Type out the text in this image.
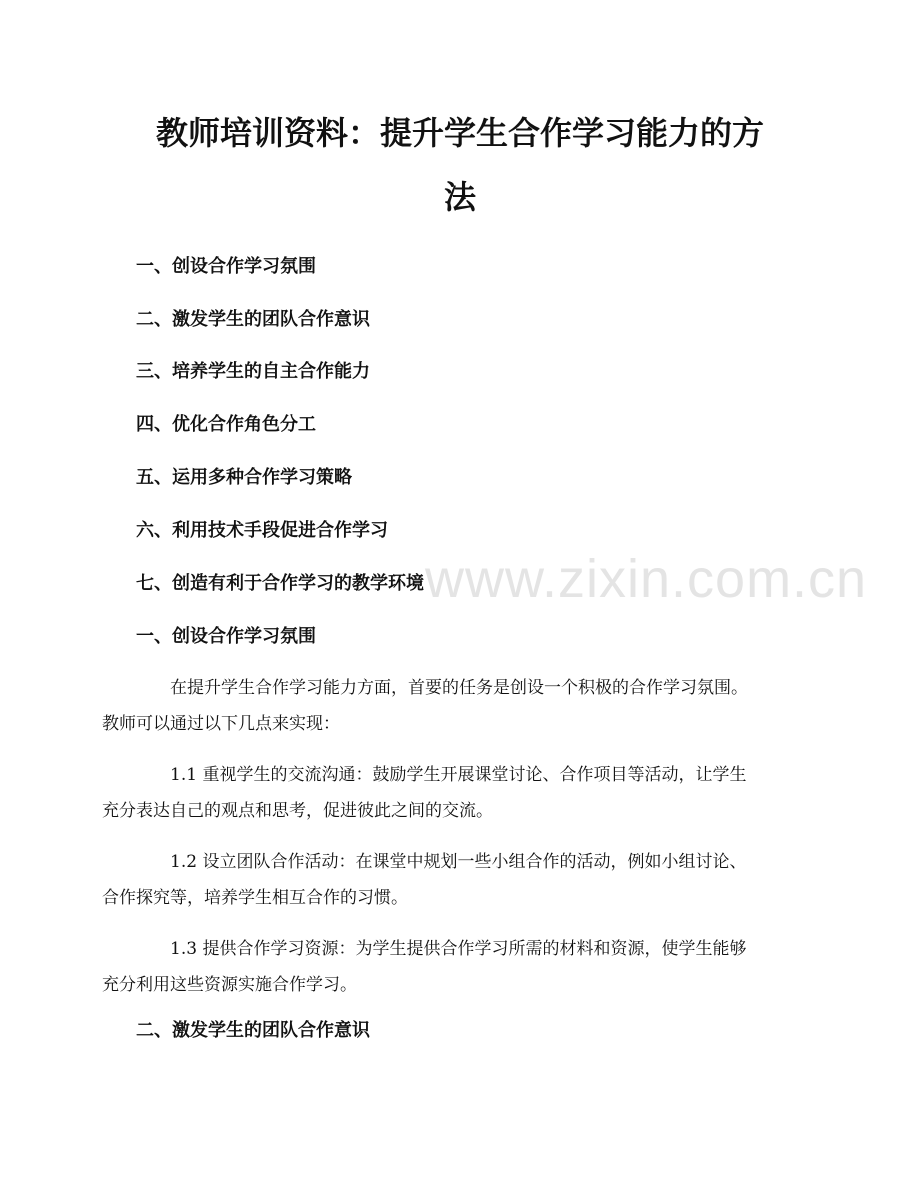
教师培训资料：提升学生合作学习能力的方
法

一、创设合作学习氛围

二、激发学生的团队合作意识

三、培养学生的自主合作能力

四、优化合作角色分工

五、运用多种合作学习策略

六、利用技术手段促进合作学习

七、创造有利于合作学习的教学环境 www.zixin.com.cn
一、创设合作学习氛围

在提升学生合作学习能力方面，首要的任务是创设一个积极的合作学习氛围。
教师可以通过以下几点来实现：

1.1 重视学生的交流沟通：鼓励学生开展课堂讨论、合作项目等活动，让学生
充分表达自己的观点和思考，促进彼此之间的交流。

1.2 设立团队合作活动：在课堂中规划一些小组合作的活动，例如小组讨论、
合作探究等，培养学生相互合作的习惯。

1.3 提供合作学习资源：为学生提供合作学习所需的材料和资源，使学生能够
充分利用这些资源实施合作学习。

二、激发学生的团队合作意识
